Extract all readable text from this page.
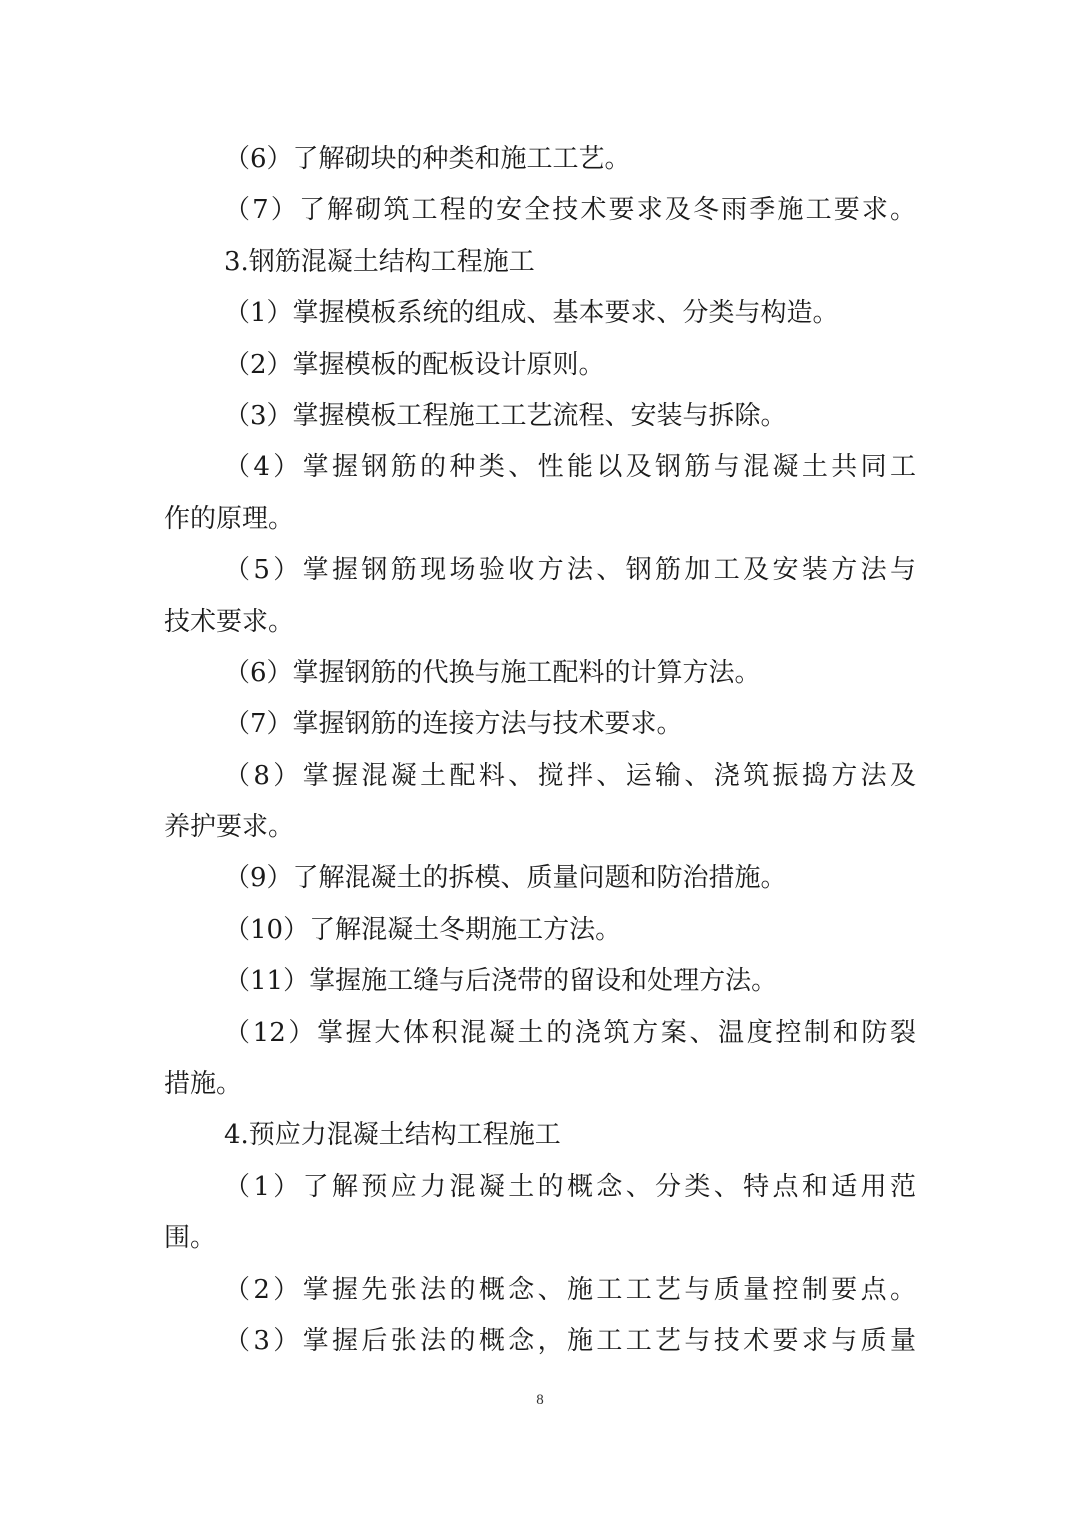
（6）了解砌块的种类和施工工艺。
（7）了解砌筑工程的安全技术要求及冬雨季施工要求。
3.钢筋混凝土结构工程施工
（1）掌握模板系统的组成、基本要求、分类与构造。
（2）掌握模板的配板设计原则。
（3）掌握模板工程施工工艺流程、安装与拆除。
（4）掌握钢筋的种类、性能以及钢筋与混凝土共同工
作的原理。
（5）掌握钢筋现场验收方法、钢筋加工及安装方法与
技术要求。
（6）掌握钢筋的代换与施工配料的计算方法。
（7）掌握钢筋的连接方法与技术要求。
（8）掌握混凝土配料、搅拌、运输、浇筑振捣方法及
养护要求。
（9）了解混凝土的拆模、质量问题和防治措施。
（10）了解混凝土冬期施工方法。
（11）掌握施工缝与后浇带的留设和处理方法。
（12）掌握大体积混凝土的浇筑方案、温度控制和防裂
措施。
4.预应力混凝土结构工程施工
（1）了解预应力混凝土的概念、分类、特点和适用范
围。
（2）掌握先张法的概念、施工工艺与质量控制要点。
（3）掌握后张法的概念，施工工艺与技术要求与质量
8
